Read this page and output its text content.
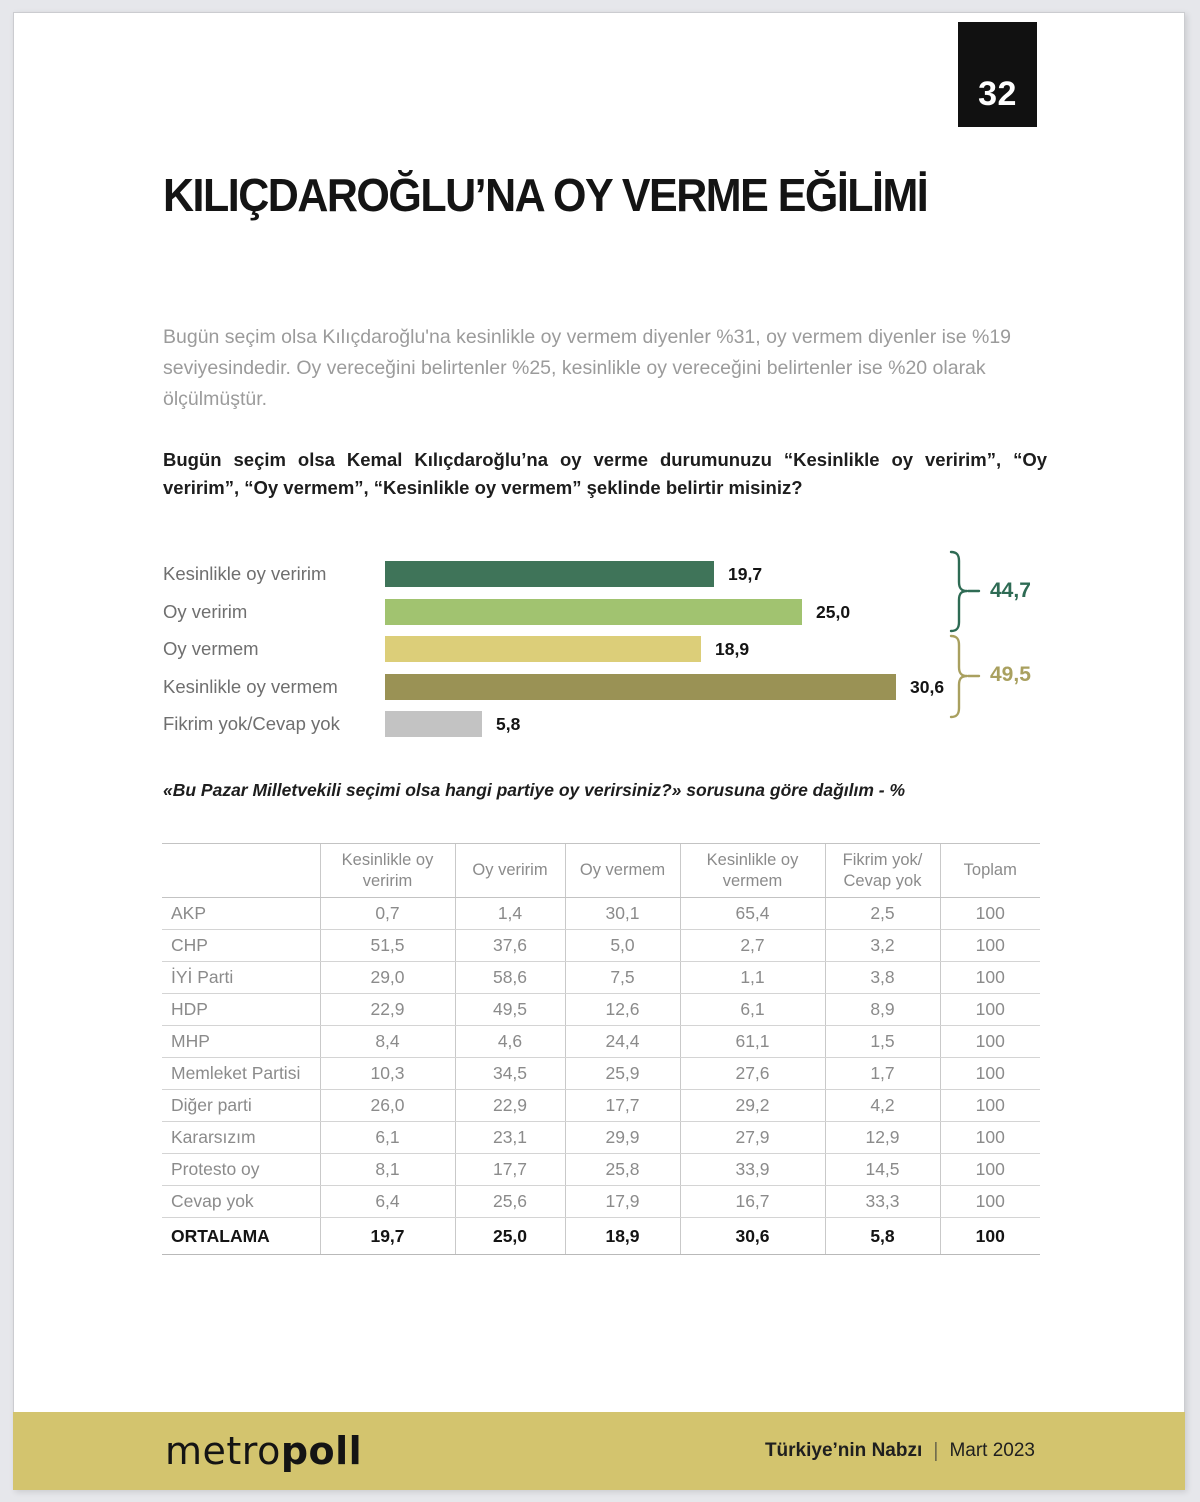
32
KILIÇDAROĞLU’NA OY VERME EĞİLİMİ
Bugün seçim olsa Kılıçdaroğlu'na kesinlikle oy vermem diyenler %31, oy vermem diyenler ise %19 seviyesindedir. Oy vereceğini belirtenler %25, kesinlikle oy vereceğini belirtenler ise %20 olarak ölçülmüştür.
Bugün seçim olsa Kemal Kılıçdaroğlu’na oy verme durumunuzu “Kesinlikle oy veririm”, “Oy veririm”, “Oy vermem”, “Kesinlikle oy vermem” şeklinde belirtir misiniz?
Kesinlikle oy veririm	19,7
Oy veririm	25,0
Oy vermem	18,9
Kesinlikle oy vermem	30,6
Fikrim yok/Cevap yok	5,8
44,7
49,5
«Bu Pazar Milletvekili seçimi olsa hangi partiye oy verirsiniz?» sorusuna göre dağılım - %
	Kesinlikle oy veririm	Oy veririm	Oy vermem	Kesinlikle oy vermem	Fikrim yok/ Cevap yok	Toplam
AKP	0,7	1,4	30,1	65,4	2,5	100
CHP	51,5	37,6	5,0	2,7	3,2	100
İYİ Parti	29,0	58,6	7,5	1,1	3,8	100
HDP	22,9	49,5	12,6	6,1	8,9	100
MHP	8,4	4,6	24,4	61,1	1,5	100
Memleket Partisi	10,3	34,5	25,9	27,6	1,7	100
Diğer parti	26,0	22,9	17,7	29,2	4,2	100
Kararsızım	6,1	23,1	29,9	27,9	12,9	100
Protesto oy	8,1	17,7	25,8	33,9	14,5	100
Cevap yok	6,4	25,6	17,9	16,7	33,3	100
ORTALAMA	19,7	25,0	18,9	30,6	5,8	100
metropoll	Türkiye’nin Nabzı | Mart 2023
